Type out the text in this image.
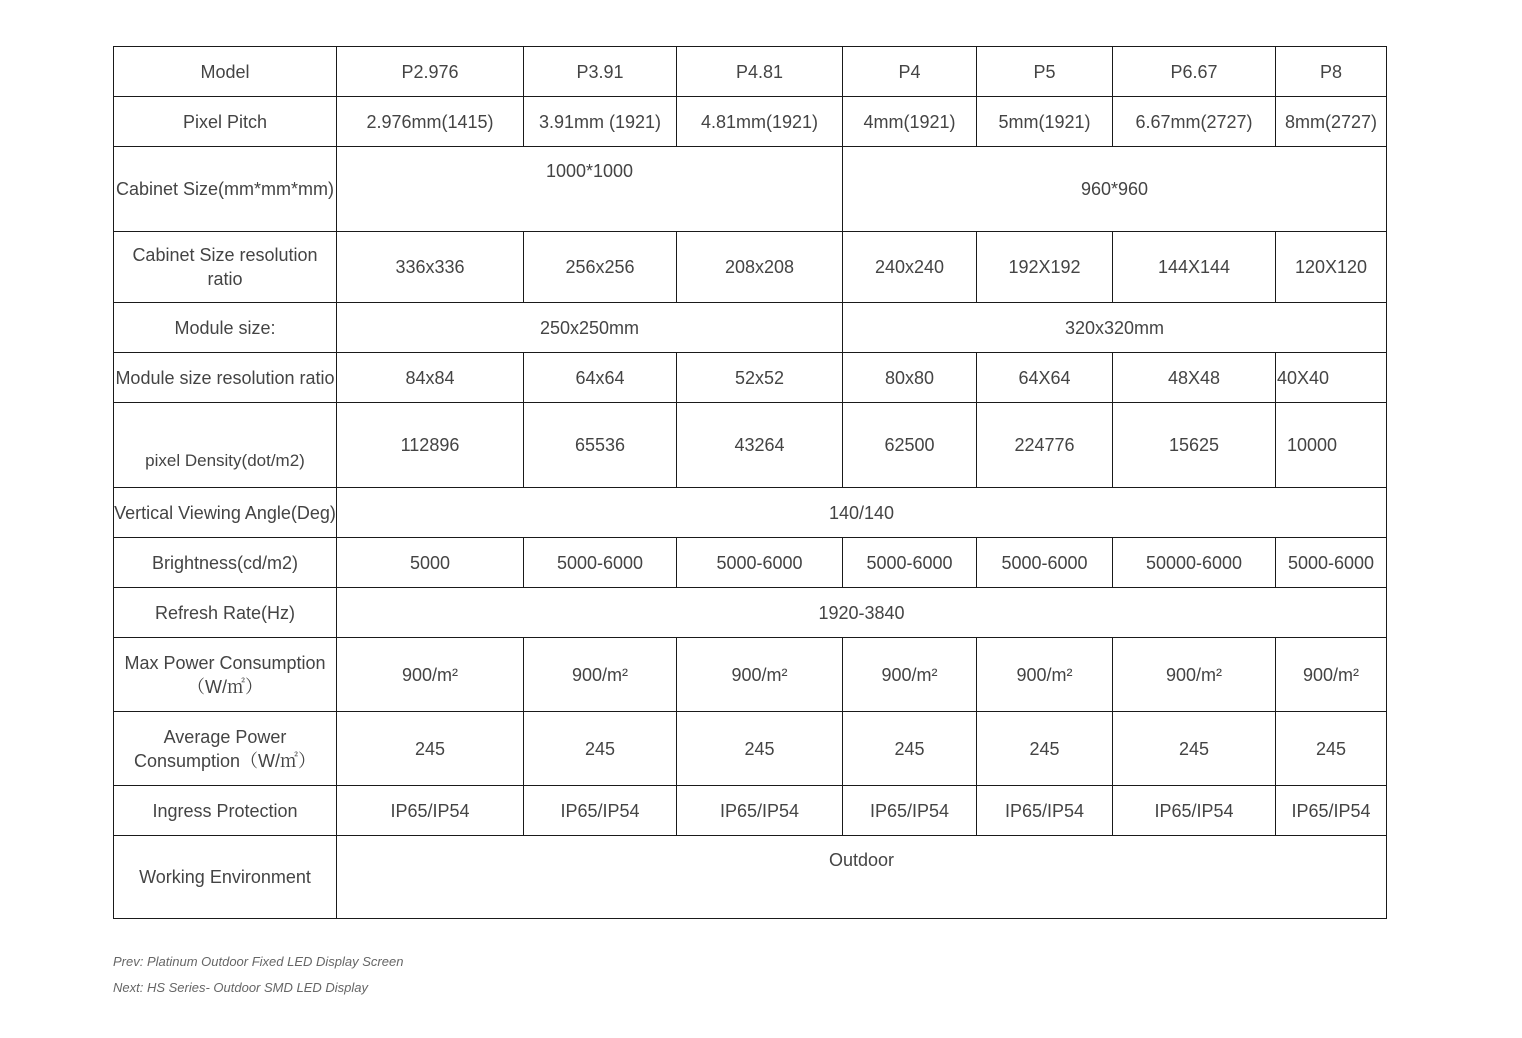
Model	P2.976	P3.91	P4.81	P4	P5	P6.67	P8
Pixel Pitch	2.976mm(1415)	3.91mm (1921)	4.81mm(1921)	4mm(1921)	5mm(1921)	6.67mm(2727)	8mm(2727)
Cabinet Size(mm*mm*mm)	1000*1000			960*960			
Cabinet Size resolution ratio	336x336	256x256	208x208	240x240	192X192	144X144	120X120
Module size:	250x250mm			320x320mm			
Module size resolution ratio	84x84	64x64	52x52	80x80	64X64	48X48	40X40
pixel Density(dot/m2)	112896	65536	43264	62500	224776	15625	10000
Vertical Viewing Angle(Deg)	140/140						
Brightness(cd/m2)	5000	5000-6000	5000-6000	5000-6000	5000-6000	50000-6000	5000-6000
Refresh Rate(Hz)	1920-3840						
Max Power Consumption（W/㎡）	900/m²	900/m²	900/m²	900/m²	900/m²	900/m²	900/m²
Average Power Consumption（W/㎡）	245	245	245	245	245	245	245
Ingress Protection	IP65/IP54	IP65/IP54	IP65/IP54	IP65/IP54	IP65/IP54	IP65/IP54	IP65/IP54
Working Environment	Outdoor						
Prev: Platinum Outdoor Fixed LED Display Screen
Next: HS Series- Outdoor SMD LED Display
